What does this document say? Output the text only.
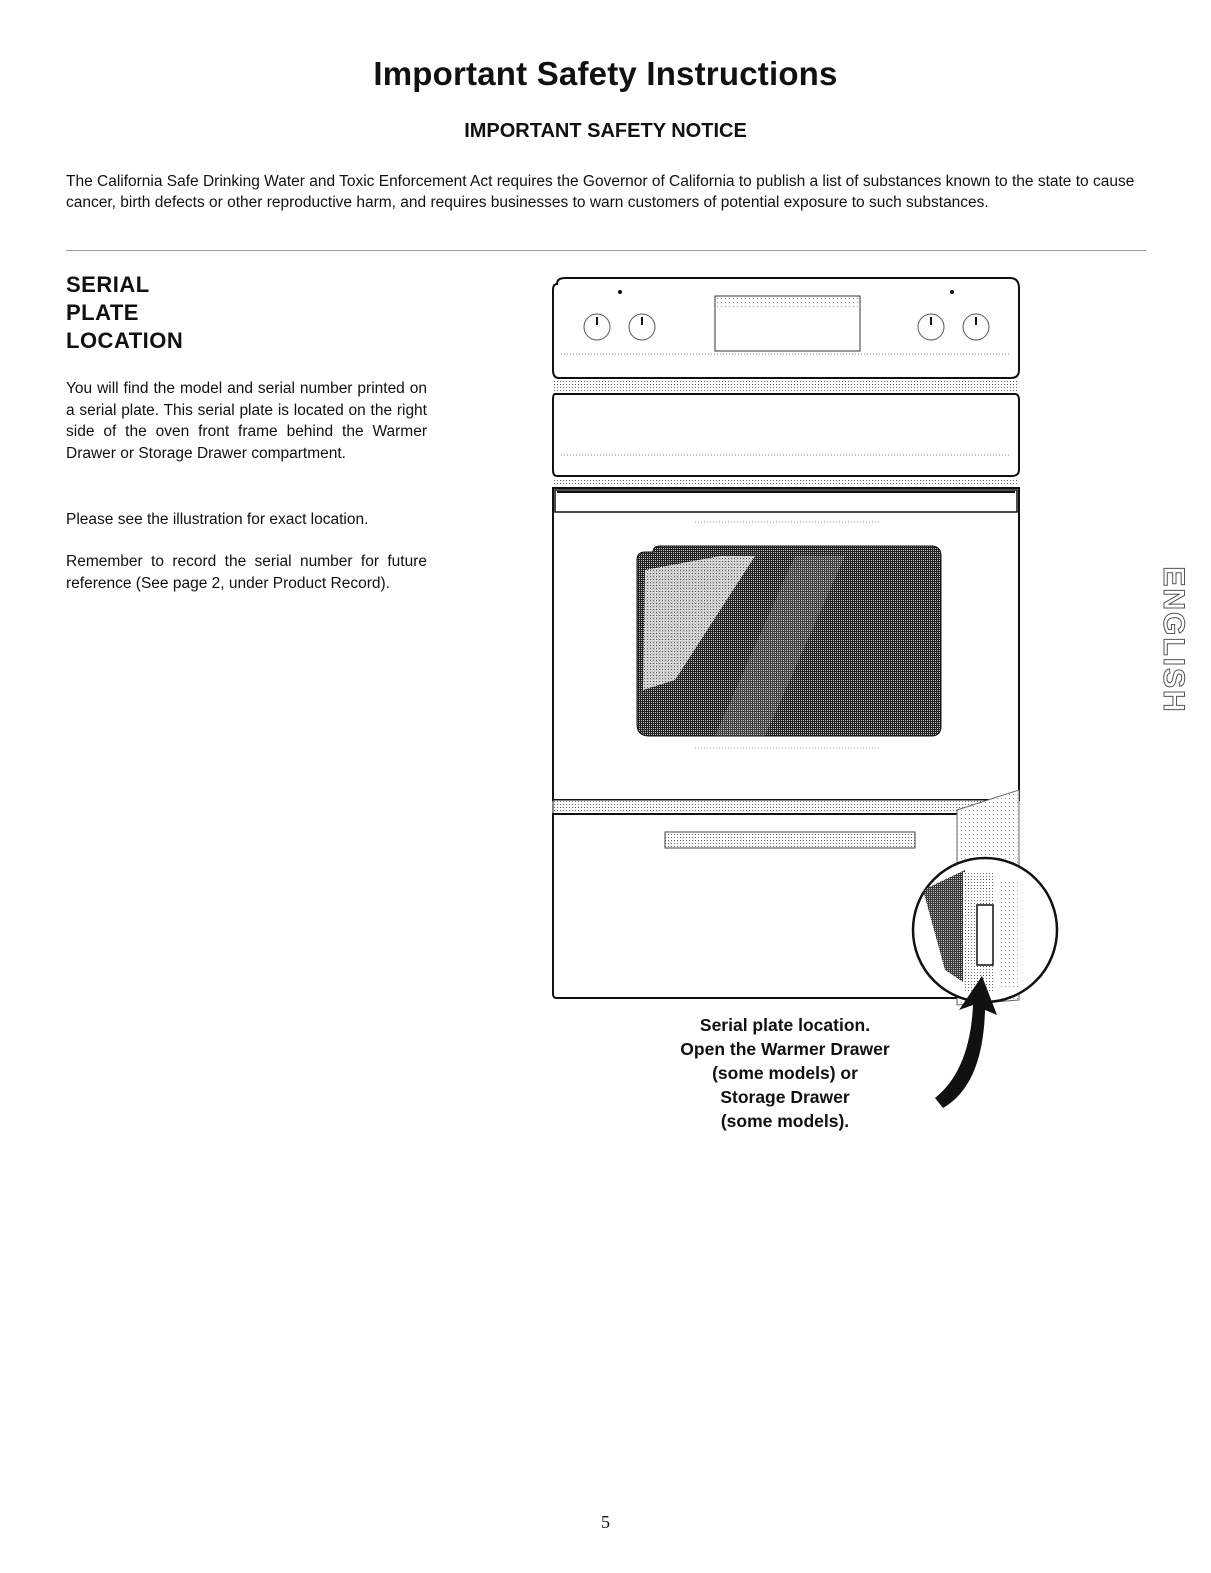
Important Safety Instructions
IMPORTANT SAFETY NOTICE

The California Safe Drinking Water and Toxic Enforcement Act requires the Governor of California to publish a list of substances known to the state to cause cancer, birth defects or other reproductive harm, and requires businesses to warn customers of potential exposure to such substances.

SERIAL
PLATE
LOCATION

You will find the model and serial number printed on a serial plate. This serial plate is located on the right side of the oven front frame behind the Warmer Drawer or Storage Drawer compartment.

Please see the illustration for exact location.

Remember to record the serial number for future reference (See page 2, under Product Record).

Serial plate location.
Open the Warmer Drawer
(some models) or
Storage Drawer
(some models).
ENGLISH

5
